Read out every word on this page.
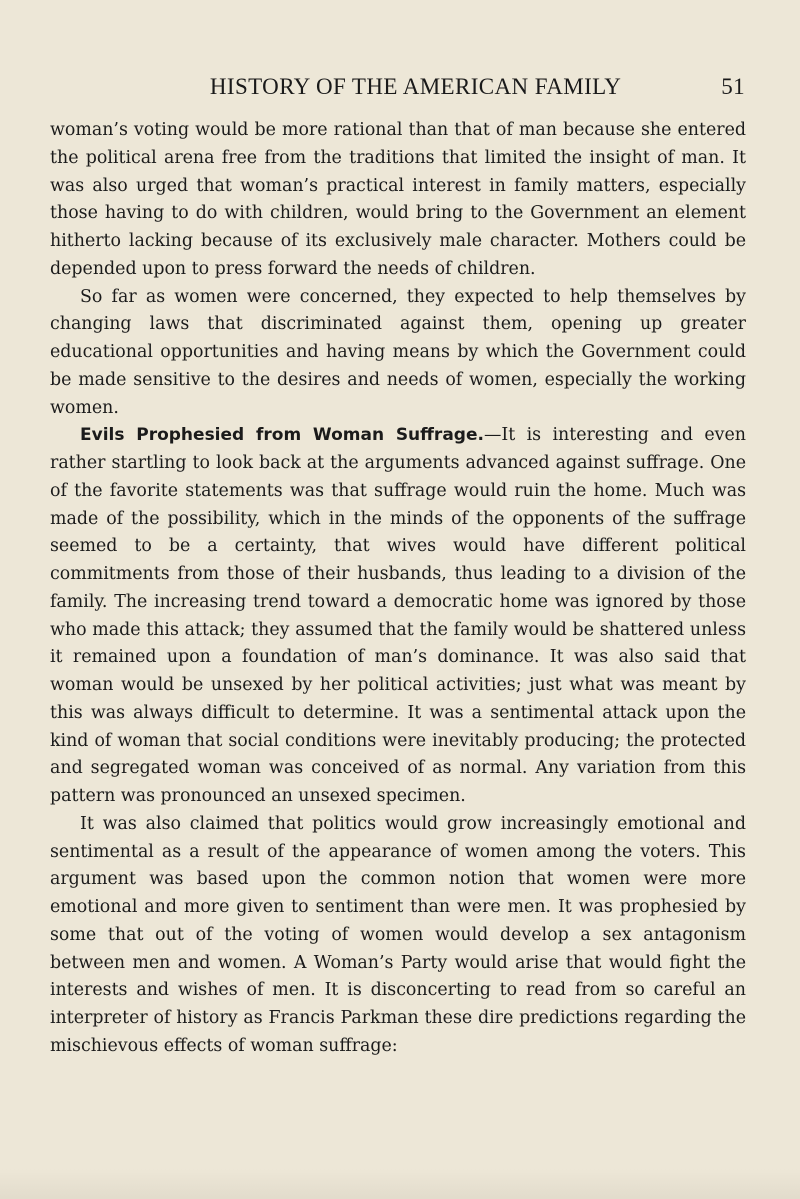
HISTORY OF THE AMERICAN FAMILY	51

woman’s voting would be more rational than that of man because she entered the political arena free from the traditions that limited the insight of man. It was also urged that woman’s practical interest in family matters, especially those having to do with children, would bring to the Government an element hitherto lacking because of its exclusively male character. Mothers could be depended upon to press forward the needs of children.

So far as women were concerned, they expected to help themselves by changing laws that discriminated against them, opening up greater educational opportunities and having means by which the Government could be made sensitive to the desires and needs of women, especially the working women.

Evils Prophesied from Woman Suffrage.—It is interesting and even rather startling to look back at the arguments advanced against suffrage. One of the favorite statements was that suffrage would ruin the home. Much was made of the possibility, which in the minds of the opponents of the suffrage seemed to be a certainty, that wives would have different political commitments from those of their husbands, thus leading to a division of the family. The increasing trend toward a democratic home was ignored by those who made this attack; they assumed that the family would be shattered unless it remained upon a foundation of man’s dominance. It was also said that woman would be unsexed by her political activities; just what was meant by this was always difficult to determine. It was a sentimental attack upon the kind of woman that social conditions were inevitably producing; the protected and segregated woman was conceived of as normal. Any variation from this pattern was pronounced an unsexed specimen.

It was also claimed that politics would grow increasingly emotional and sentimental as a result of the appearance of women among the voters. This argument was based upon the common notion that women were more emotional and more given to sentiment than were men. It was prophesied by some that out of the voting of women would develop a sex antagonism between men and women. A Woman’s Party would arise that would fight the interests and wishes of men. It is disconcerting to read from so careful an interpreter of history as Francis Parkman these dire predictions regarding the mischievous effects of woman suffrage:
